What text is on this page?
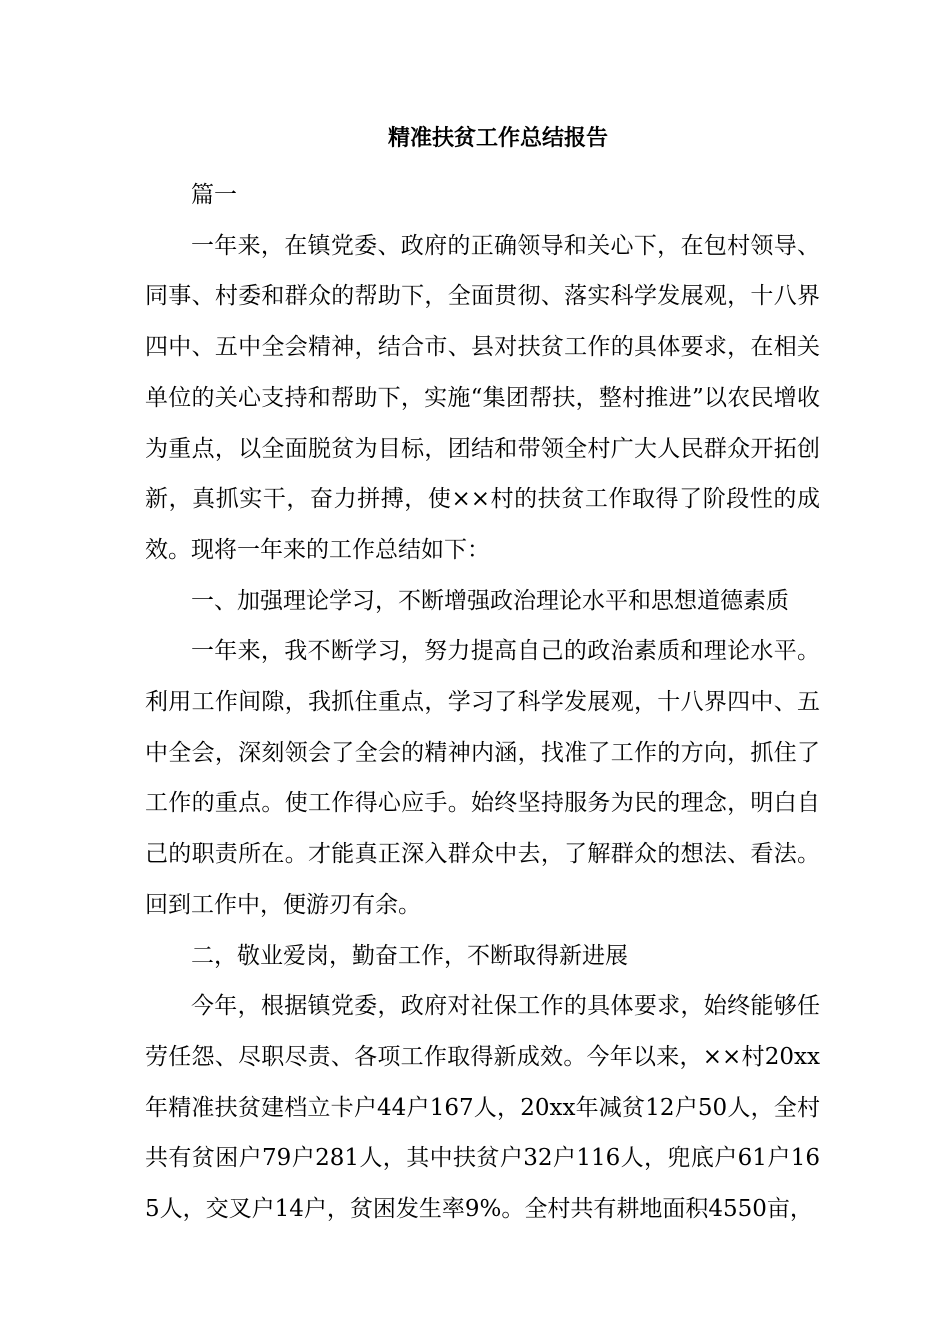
精准扶贫工作总结报告

篇一

一年来，在镇党委、政府的正确领导和关心下，在包村领导、同事、村委和群众的帮助下，全面贯彻、落实科学发展观，十八界四中、五中全会精神，结合市、县对扶贫工作的具体要求，在相关单位的关心支持和帮助下，实施“集团帮扶，整村推进”以农民增收为重点，以全面脱贫为目标，团结和带领全村广大人民群众开拓创新，真抓实干，奋力拼搏，使××村的扶贫工作取得了阶段性的成效。现将一年来的工作总结如下：

一、加强理论学习，不断增强政治理论水平和思想道德素质

一年来，我不断学习，努力提高自己的政治素质和理论水平。利用工作间隙，我抓住重点，学习了科学发展观，十八界四中、五中全会，深刻领会了全会的精神内涵，找准了工作的方向，抓住了工作的重点。使工作得心应手。始终坚持服务为民的理念，明白自己的职责所在。才能真正深入群众中去，了解群众的想法、看法。回到工作中，便游刃有余。

二，敬业爱岗，勤奋工作，不断取得新进展

今年，根据镇党委，政府对社保工作的具体要求，始终能够任劳任怨、尽职尽责、各项工作取得新成效。今年以来，××村20xx年精准扶贫建档立卡户44户167人，20xx年减贫12户50人，全村共有贫困户79户281人，其中扶贫户32户116人，兜底户61户165人，交叉户14户，贫困发生率9%。全村共有耕地面积4550亩，
